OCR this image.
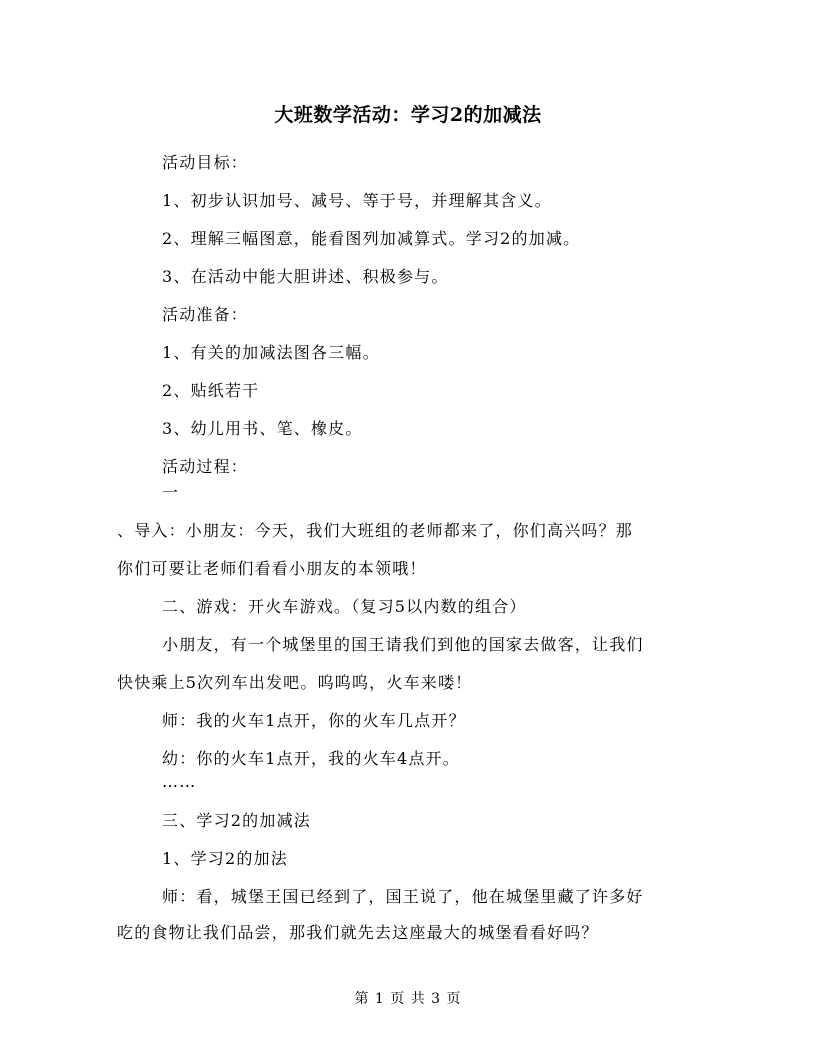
大班数学活动：学习2的加减法
活动目标：
1、初步认识加号、减号、等于号，并理解其含义。
2、理解三幅图意，能看图列加减算式。学习2的加减。
3、在活动中能大胆讲述、积极参与。
活动准备：
1、有关的加减法图各三幅。
2、贴纸若干
3、幼儿用书、笔、橡皮。
活动过程：
一
、导入：小朋友：今天，我们大班组的老师都来了，你们高兴吗？那
你们可要让老师们看看小朋友的本领哦！
二、游戏：开火车游戏。（复习5以内数的组合）
小朋友，有一个城堡里的国王请我们到他的国家去做客，让我们
快快乘上5次列车出发吧。呜呜呜，火车来喽！
师：我的火车1点开，你的火车几点开？
幼：你的火车1点开，我的火车4点开。
……
三、学习2的加减法
1、学习2的加法
师：看，城堡王国已经到了，国王说了，他在城堡里藏了许多好
吃的食物让我们品尝，那我们就先去这座最大的城堡看看好吗？
第 1 页 共 3 页
